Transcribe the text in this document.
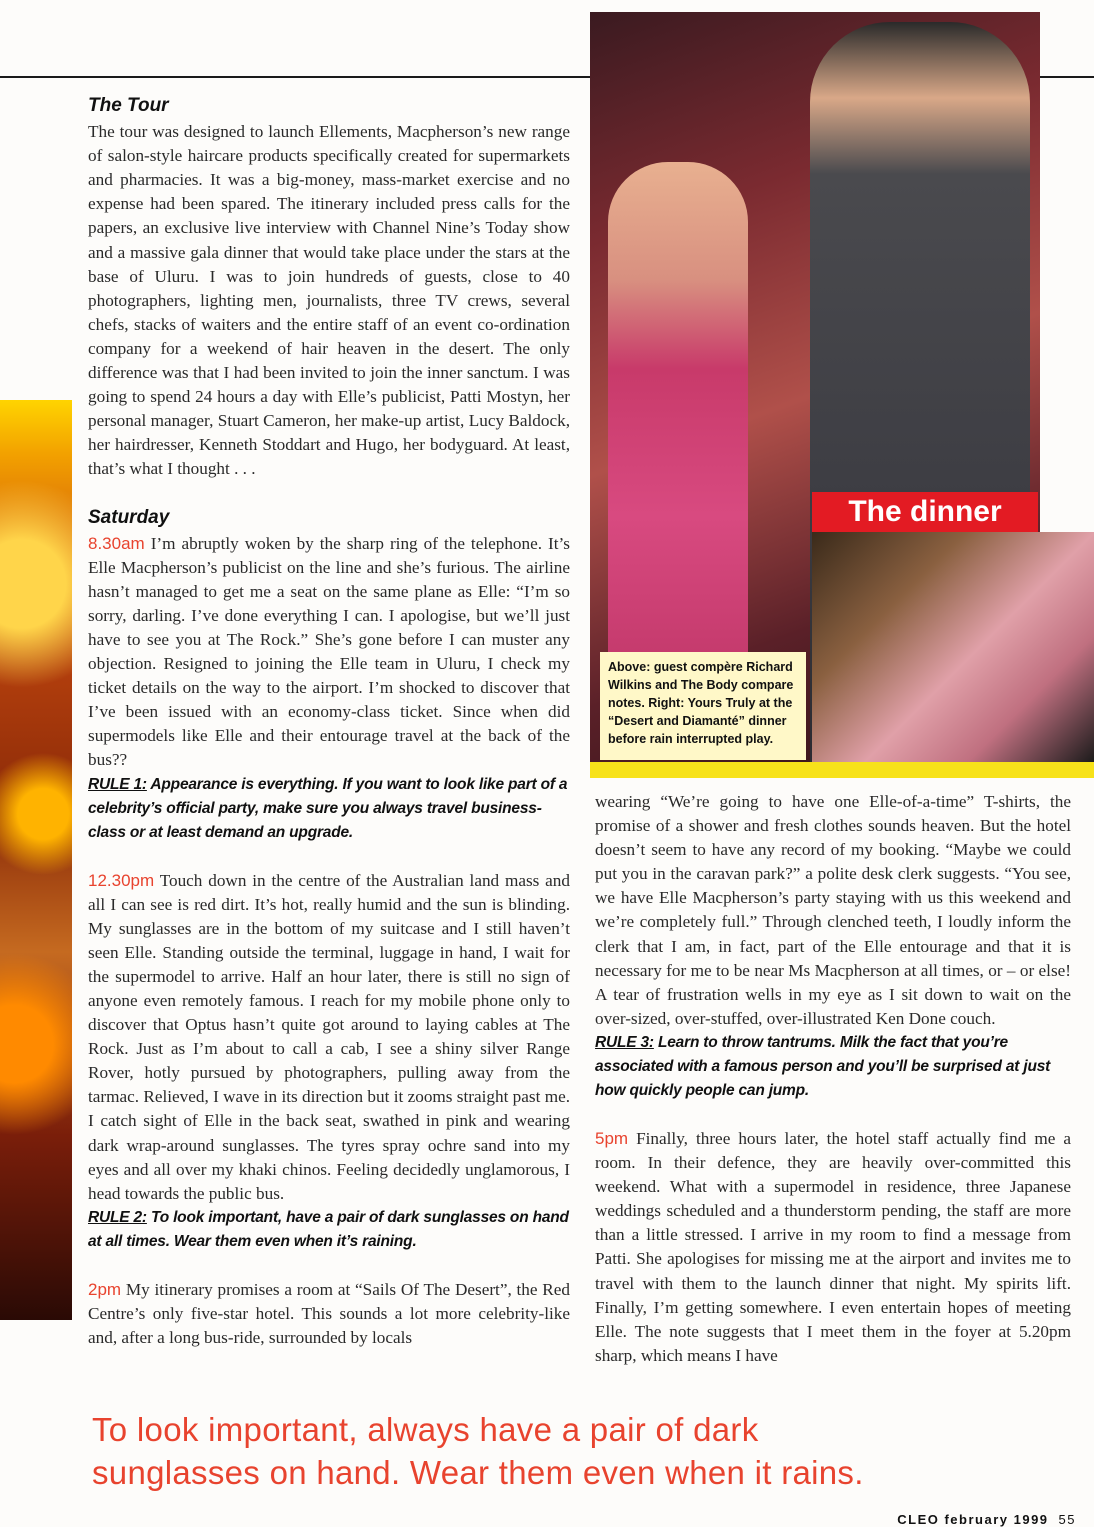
The dinner
Above: guest compère Richard Wilkins and The Body compare notes. Right: Yours Truly at the “Desert and Diamanté” dinner before rain interrupted play.
The Tour

The tour was designed to launch Ellements, Macpherson’s new range of salon-style haircare products specifically created for supermarkets and pharmacies. It was a big-money, mass-market exercise and no expense had been spared. The itinerary included press calls for the papers, an exclusive live interview with Channel Nine’s Today show and a massive gala dinner that would take place under the stars at the base of Uluru. I was to join hundreds of guests, close to 40 photographers, lighting men, journalists, three TV crews, several chefs, stacks of waiters and the entire staff of an event co-ordination company for a weekend of hair heaven in the desert. The only difference was that I had been invited to join the inner sanctum. I was going to spend 24 hours a day with Elle’s publicist, Patti Mostyn, her personal manager, Stuart Cameron, her make-up artist, Lucy Baldock, her hairdresser, Kenneth Stoddart and Hugo, her bodyguard. At least, that’s what I thought . . .

Saturday

8.30am I’m abruptly woken by the sharp ring of the telephone. It’s Elle Macpherson’s publicist on the line and she’s furious. The airline hasn’t managed to get me a seat on the same plane as Elle: “I’m so sorry, darling. I’ve done everything I can. I apologise, but we’ll just have to see you at The Rock.” She’s gone before I can muster any objection. Resigned to joining the Elle team in Uluru, I check my ticket details on the way to the airport. I’m shocked to discover that I’ve been issued with an economy-class ticket. Since when did supermodels like Elle and their entourage travel at the back of the bus??

RULE 1: Appearance is everything. If you want to look like part of a celebrity’s official party, make sure you always travel business-class or at least demand an upgrade.

12.30pm Touch down in the centre of the Australian land mass and all I can see is red dirt. It’s hot, really humid and the sun is blinding. My sunglasses are in the bottom of my suitcase and I still haven’t seen Elle. Standing outside the terminal, luggage in hand, I wait for the supermodel to arrive. Half an hour later, there is still no sign of anyone even remotely famous. I reach for my mobile phone only to discover that Optus hasn’t quite got around to laying cables at The Rock. Just as I’m about to call a cab, I see a shiny silver Range Rover, hotly pursued by photographers, pulling away from the tarmac. Relieved, I wave in its direction but it zooms straight past me. I catch sight of Elle in the back seat, swathed in pink and wearing dark wrap-around sunglasses. The tyres spray ochre sand into my eyes and all over my khaki chinos. Feeling decidedly unglamorous, I head towards the public bus.

RULE 2: To look important, have a pair of dark sunglasses on hand at all times. Wear them even when it’s raining.

2pm My itinerary promises a room at “Sails Of The Desert”, the Red Centre’s only five-star hotel. This sounds a lot more celebrity-like and, after a long bus-ride, surrounded by locals

wearing “We’re going to have one Elle-of-a-time” T-shirts, the promise of a shower and fresh clothes sounds heaven. But the hotel doesn’t seem to have any record of my booking. “Maybe we could put you in the caravan park?” a polite desk clerk suggests. “You see, we have Elle Macpherson’s party staying with us this weekend and we’re completely full.” Through clenched teeth, I loudly inform the clerk that I am, in fact, part of the Elle entourage and that it is necessary for me to be near Ms Macpherson at all times, or – or else! A tear of frustration wells in my eye as I sit down to wait on the over-sized, over-stuffed, over-illustrated Ken Done couch.

RULE 3: Learn to throw tantrums. Milk the fact that you’re associated with a famous person and you’ll be surprised at just how quickly people can jump.

5pm Finally, three hours later, the hotel staff actually find me a room. In their defence, they are heavily over-committed this weekend. What with a supermodel in residence, three Japanese weddings scheduled and a thunderstorm pending, the staff are more than a little stressed. I arrive in my room to find a message from Patti. She apologises for missing me at the airport and invites me to travel with them to the launch dinner that night. My spirits lift. Finally, I’m getting somewhere. I even entertain hopes of meeting Elle. The note suggests that I meet them in the foyer at 5.20pm sharp, which means I have

To look important, always have a pair of dark
sunglasses on hand. Wear them even when it rains.
CLEO february 1999 55
